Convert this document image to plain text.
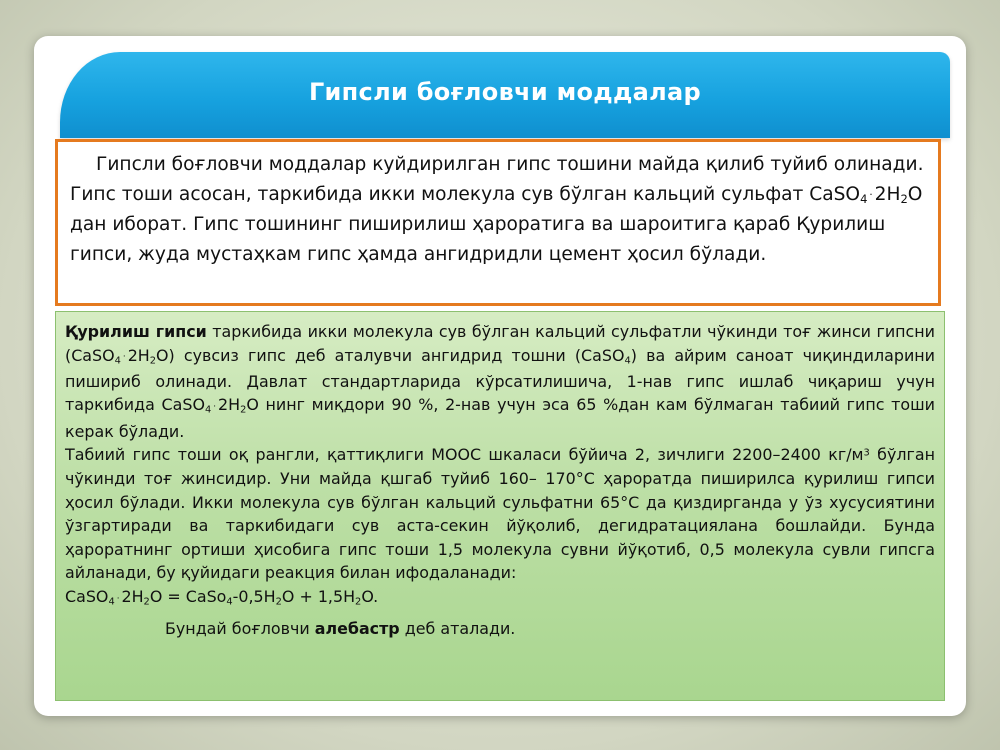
Гипсли боғловчи моддалар

Гипсли боғловчи моддалар куйдирилган гипс тошини майда қилиб туйиб олинади. Гипс тоши асосан, таркибида икки молекула сув бўлган кальций сульфат CaSO$_4$ · $2H_2O$ дан иборат. Гипс тошининг пиширилиш ҳароратига ва шароитига қараб Қурилиш гипси, жуда мустаҳкам гипс ҳамда ангидридли цемент ҳосил бўлади.

Қурилиш гипси таркибида икки молекула сув бўлган кальций сульфатли чўкинди тоғ жинси гипсни (CaSO$_4$ · $2H_2O$) сувсиз гипс деб аталувчи ангидрид тошни (CaSO$_4$) ва айрим саноат чиқиндиларини пишириб олинади. Давлат стандартларида кўрсатилишича, 1-нав гипс ишлаб чиқариш учун таркибида CaSO$_4$ · $2H_2O$ нинг миқдори 90 %, 2-нав учун эса 65 %дан кам бўлмаган табиий гипс тоши керак бўлади.

Табиий гипс тоши оқ рангли, қаттиқлиги МООС шкаласи бўйича 2, зичлиги 2200–2400 $кг/м^3$ бўлган чўкинди тоғ жинсидир. Уни майда қшгаб туйиб 160– 170°С ҳароратда пиширилса қурилиш гипси ҳосил бўлади. Икки молекула сув бўлган кальций сульфатни 65°С да қиздирганда у ўз хусусиятини ўзгартиради ва таркибидаги сув аста-секин йўқолиб, дегидратациялана бошлайди. Бунда ҳароратнинг ортиши ҳисобига гипс тоши 1,5 молекула сувни йўқотиб, 0,5 молекула сувли гипсга айланади, бу қуйидаги реакция билан ифодаланади:

CaSO$_4$ · $2H_2O$ = $CaSo_4-0,5H_2O + 1,5H_2O$.

Бундай боғловчи алебастр деб аталади.
